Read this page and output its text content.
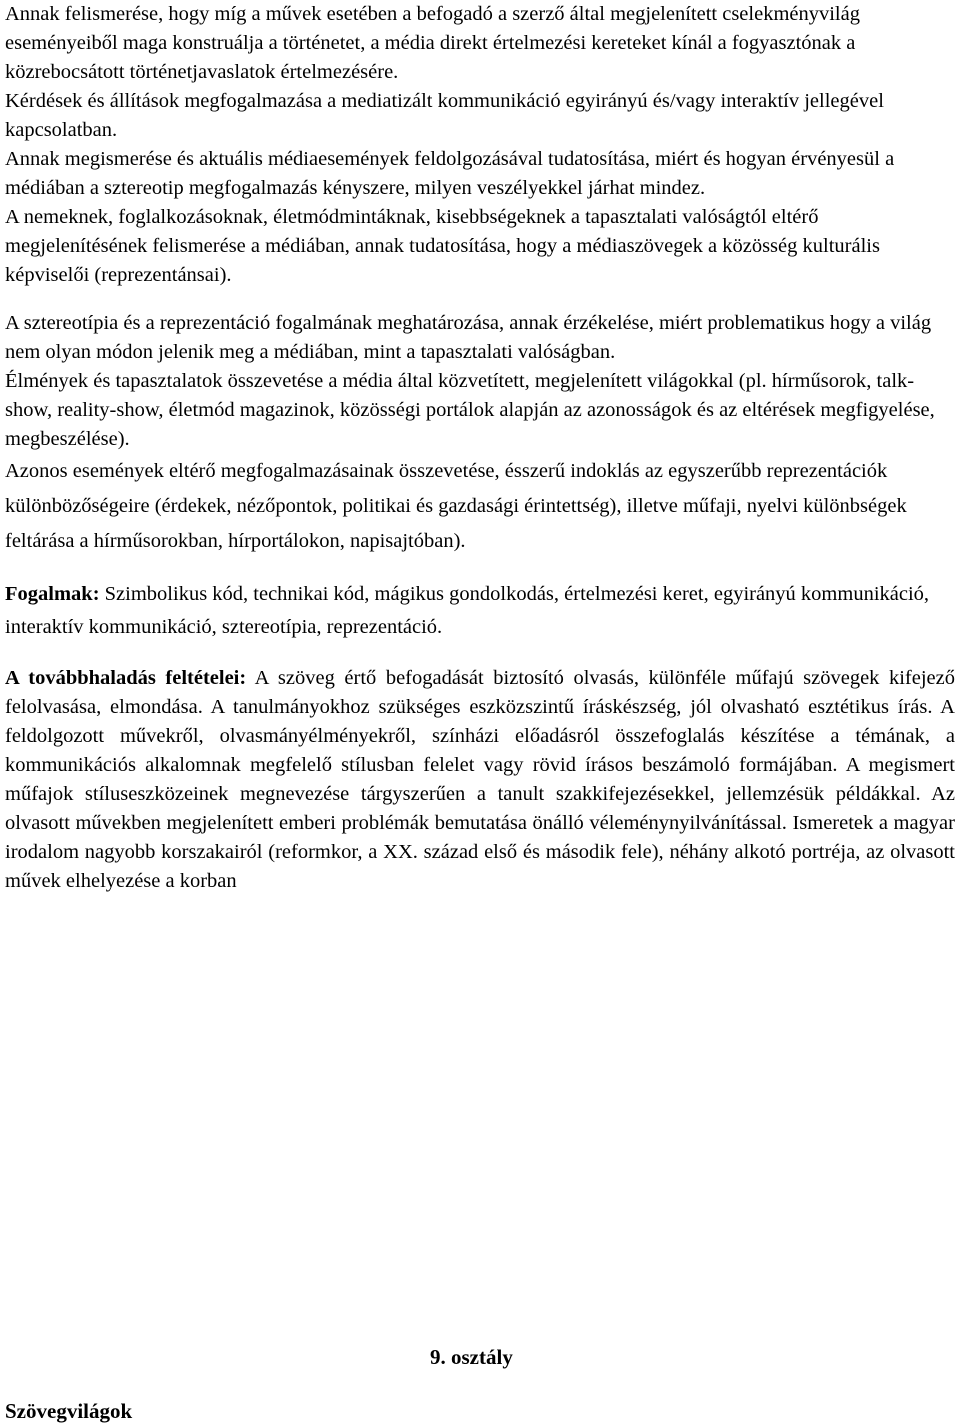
Annak felismerése, hogy míg a művek esetében a befogadó a szerző által megjelenített cselekményvilág eseményeiből maga konstruálja a történetet, a média direkt értelmezési kereteket kínál a fogyasztónak a közrebocsátott történetjavaslatok értelmezésére.

Kérdések és állítások megfogalmazása a mediatizált kommunikáció egyirányú és/vagy interaktív jellegével kapcsolatban.

Annak megismerése és aktuális médiaesemények feldolgozásával tudatosítása, miért és hogyan érvényesül a médiában a sztereotip megfogalmazás kényszere, milyen veszélyekkel járhat mindez.

A nemeknek, foglalkozásoknak, életmódmintáknak, kisebbségeknek a tapasztalati valóságtól eltérő megjelenítésének felismerése a médiában, annak tudatosítása, hogy a médiaszövegek a közösség kulturális képviselői (reprezentánsai).

A sztereotípia és a reprezentáció fogalmának meghatározása, annak érzékelése, miért problematikus hogy a világ nem olyan módon jelenik meg a médiában, mint a tapasztalati valóságban.

Élmények és tapasztalatok összevetése a média által közvetített, megjelenített világokkal (pl. hírműsorok, talk-show, reality-show, életmód magazinok, közösségi portálok alapján az azonosságok és az eltérések megfigyelése, megbeszélése).

Azonos események eltérő megfogalmazásainak összevetése, ésszerű indoklás az egyszerűbb reprezentációk különbözőségeire (érdekek, nézőpontok, politikai és gazdasági érintettség), illetve műfaji, nyelvi különbségek feltárása a hírműsorokban, hírportálokon, napisajtóban).

Fogalmak: Szimbolikus kód, technikai kód, mágikus gondolkodás, értelmezési keret, egyirányú kommunikáció, interaktív kommunikáció, sztereotípia, reprezentáció.

A továbbhaladás feltételei: A szöveg értő befogadását biztosító olvasás, különféle műfajú szövegek kifejező felolvasása, elmondása. A tanulmányokhoz szükséges eszközszintű íráskészség, jól olvasható esztétikus írás. A feldolgozott művekről, olvasmányélményekről, színházi előadásról összefoglalás készítése a témának, a kommunikációs alkalomnak megfelelő stílusban felelet vagy rövid írásos beszámoló formájában. A megismert műfajok stíluseszközeinek megnevezése tárgyszerűen a tanult szakkifejezésekkel, jellemzésük példákkal. Az olvasott művekben megjelenített emberi problémák bemutatása önálló véleménynyilvánítással. Ismeretek a magyar irodalom nagyobb korszakairól (reformkor, a XX. század első és második fele), néhány alkotó portréja, az olvasott művek elhelyezése a korban

9. osztály

Szövegvilágok
